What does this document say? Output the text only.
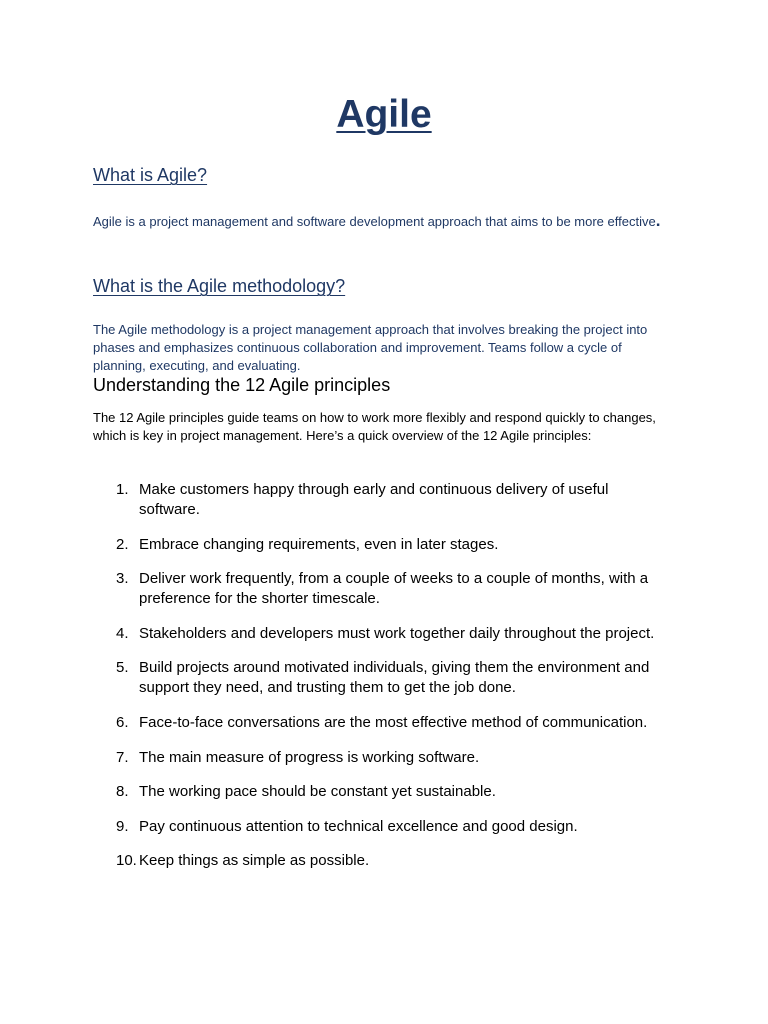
Agile
What is Agile?

Agile is a project management and software development approach that aims to be more effective.

What is the Agile methodology?

The Agile methodology is a project management approach that involves breaking the project into phases and emphasizes continuous collaboration and improvement. Teams follow a cycle of planning, executing, and evaluating.

Understanding the 12 Agile principles

The 12 Agile principles guide teams on how to work more flexibly and respond quickly to changes, which is key in project management. Here’s a quick overview of the 12 Agile principles:

1. Make customers happy through early and continuous delivery of useful software.
2. Embrace changing requirements, even in later stages.
3. Deliver work frequently, from a couple of weeks to a couple of months, with a preference for the shorter timescale.
4. Stakeholders and developers must work together daily throughout the project.
5. Build projects around motivated individuals, giving them the environment and support they need, and trusting them to get the job done.
6. Face-to-face conversations are the most effective method of communication.
7. The main measure of progress is working software.
8. The working pace should be constant yet sustainable.
9. Pay continuous attention to technical excellence and good design.
10. Keep things as simple as possible.
